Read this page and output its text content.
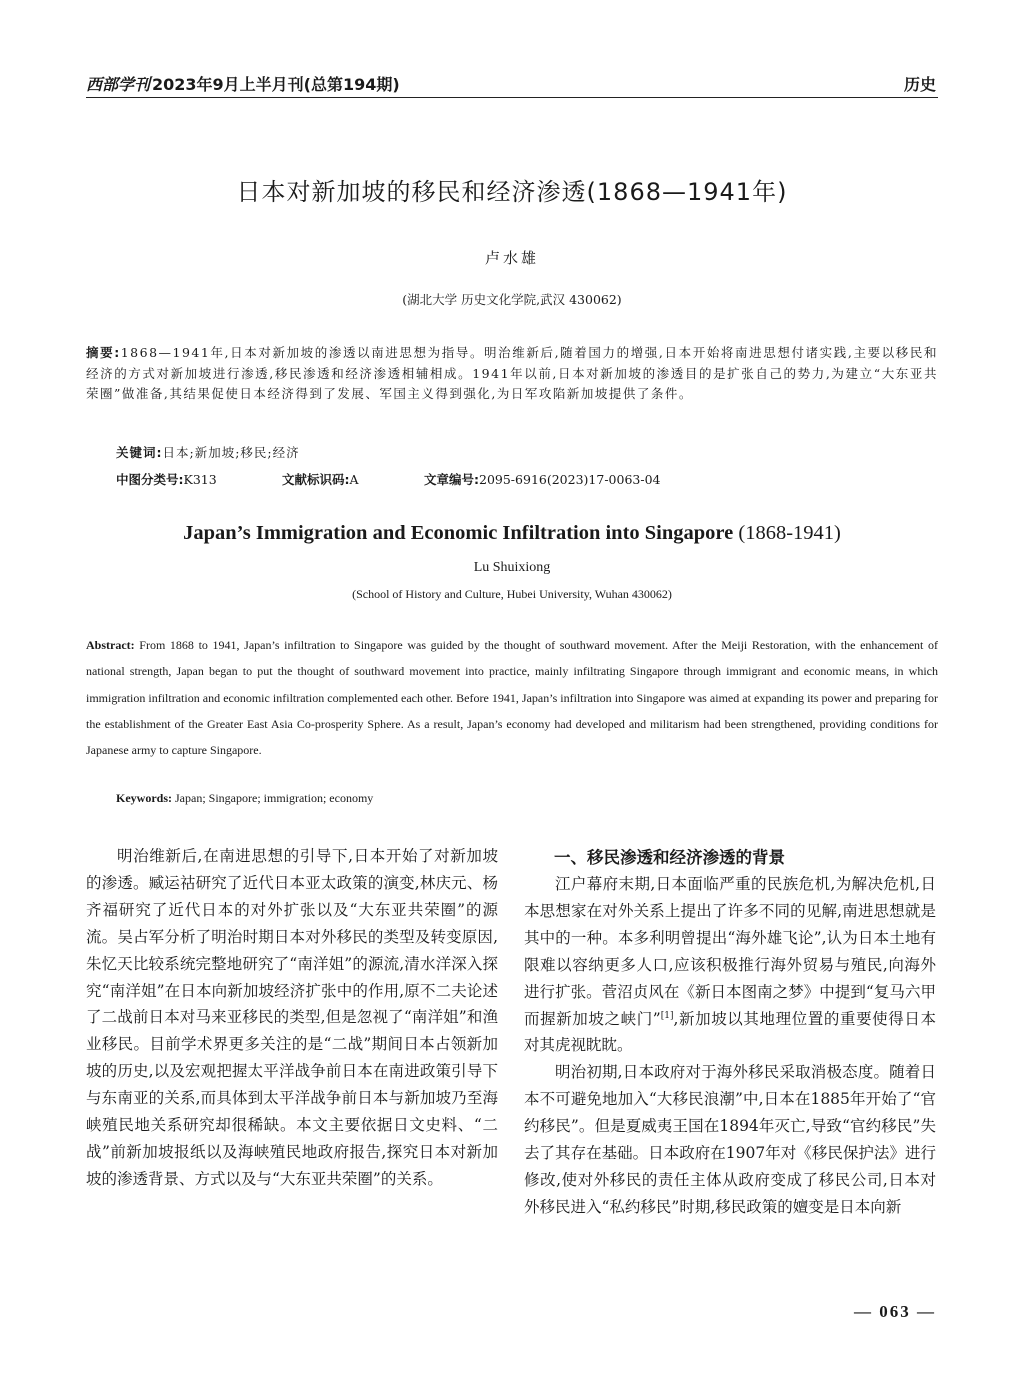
西部学刊 2023年9月上半月刊(总第194期)	历史
日本对新加坡的移民和经济渗透(1868—1941年)
卢水雄
(湖北大学 历史文化学院,武汉 430062)
摘要:1868—1941年,日本对新加坡的渗透以南进思想为指导。明治维新后,随着国力的增强,日本开始将南进思想付诸实践,主要以移民和经济的方式对新加坡进行渗透,移民渗透和经济渗透相辅相成。1941年以前,日本对新加坡的渗透目的是扩张自己的势力,为建立“大东亚共荣圈”做准备,其结果促使日本经济得到了发展、军国主义得到强化,为日军攻陷新加坡提供了条件。
关键词:日本;新加坡;移民;经济
中图分类号:K313	文献标识码:A	文章编号:2095-6916(2023)17-0063-04
Japan’s Immigration and Economic Infiltration into Singapore (1868-1941)
Lu Shuixiong
(School of History and Culture, Hubei University, Wuhan 430062)
Abstract: From 1868 to 1941, Japan’s infiltration to Singapore was guided by the thought of southward movement. After the Meiji Restoration, with the enhancement of national strength, Japan began to put the thought of southward movement into practice, mainly infiltrating Singapore through immigrant and economic means, in which immigration infiltration and economic infiltration complemented each other. Before 1941, Japan’s infiltration into Singapore was aimed at expanding its power and preparing for the establishment of the Greater East Asia Co-prosperity Sphere. As a result, Japan’s economy had developed and militarism had been strengthened, providing conditions for Japanese army to capture Singapore.
Keywords: Japan; Singapore; immigration; economy
明治维新后,在南进思想的引导下,日本开始了对新加坡的渗透。臧运祜研究了近代日本亚太政策的演变,林庆元、杨齐福研究了近代日本的对外扩张以及“大东亚共荣圈”的源流。吴占军分析了明治时期日本对外移民的类型及转变原因,朱忆天比较系统完整地研究了“南洋姐”的源流,清水洋深入探究“南洋姐”在日本向新加坡经济扩张中的作用,原不二夫论述了二战前日本对马来亚移民的类型,但是忽视了“南洋姐”和渔业移民。目前学术界更多关注的是“二战”期间日本占领新加坡的历史,以及宏观把握太平洋战争前日本在南进政策引导下与东南亚的关系,而具体到太平洋战争前日本与新加坡乃至海峡殖民地关系研究却很稀缺。本文主要依据日文史料、“二战”前新加坡报纸以及海峡殖民地政府报告,探究日本对新加坡的渗透背景、方式以及与“大东亚共荣圈”的关系。
一、移民渗透和经济渗透的背景

江户幕府末期,日本面临严重的民族危机,为解决危机,日本思想家在对外关系上提出了许多不同的见解,南进思想就是其中的一种。本多利明曾提出“海外雄飞论”,认为日本土地有限难以容纳更多人口,应该积极推行海外贸易与殖民,向海外进行扩张。菅沼贞风在《新日本图南之梦》中提到“复马六甲而握新加坡之峡门”[1],新加坡以其地理位置的重要使得日本对其虎视眈眈。

明治初期,日本政府对于海外移民采取消极态度。随着日本不可避免地加入“大移民浪潮”中,日本在1885年开始了“官约移民”。但是夏威夷王国在1894年灭亡,导致“官约移民”失去了其存在基础。日本政府在1907年对《移民保护法》进行修改,使对外移民的责任主体从政府变成了移民公司,日本对外移民进入“私约移民”时期,移民政策的嬗变是日本向新

— 063 —
